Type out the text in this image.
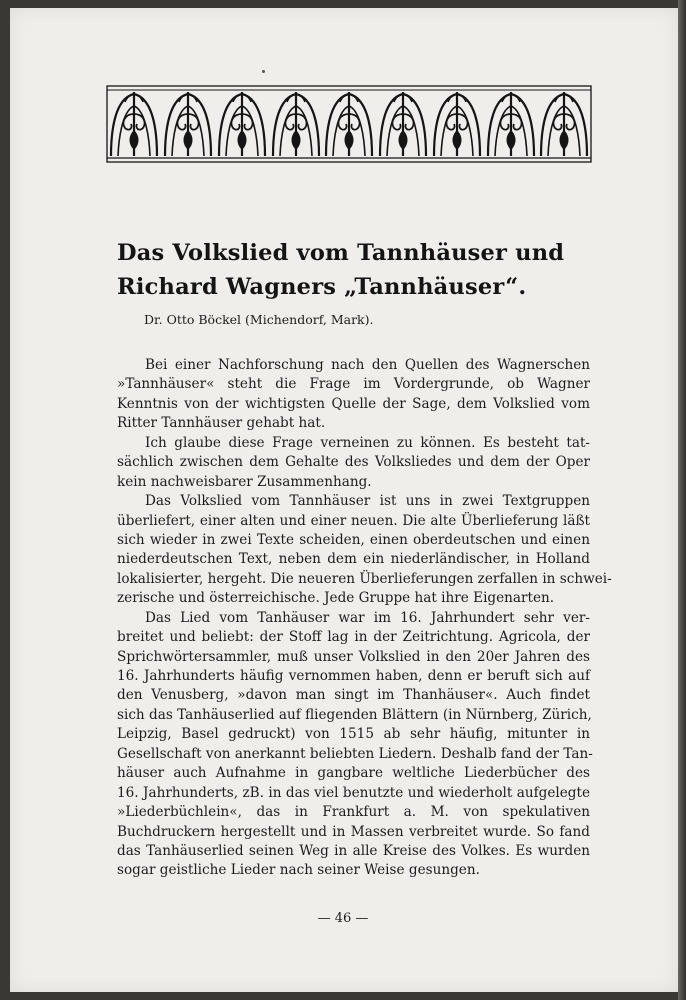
Das Volkslied vom Tannhäuser und
Richard Wagners „Tannhäuser“.
Dr. Otto Böckel (Michendorf, Mark).
Bei einer Nachforschung nach den Quellen des Wagnerschen
»Tannhäuser« steht die Frage im Vordergrunde, ob Wagner
Kenntnis von der wichtigsten Quelle der Sage, dem Volkslied vom
Ritter Tannhäuser gehabt hat.
Ich glaube diese Frage verneinen zu können. Es besteht tat-
sächlich zwischen dem Gehalte des Volksliedes und dem der Oper
kein nachweisbarer Zusammenhang.
Das Volkslied vom Tannhäuser ist uns in zwei Textgruppen
überliefert, einer alten und einer neuen. Die alte Überlieferung läßt
sich wieder in zwei Texte scheiden, einen oberdeutschen und einen
niederdeutschen Text, neben dem ein niederländischer, in Holland
lokalisierter, hergeht. Die neueren Überlieferungen zerfallen in schwei-
zerische und österreichische. Jede Gruppe hat ihre Eigenarten.
Das Lied vom Tanhäuser war im 16. Jahrhundert sehr ver-
breitet und beliebt: der Stoff lag in der Zeitrichtung. Agricola, der
Sprichwörtersammler, muß unser Volkslied in den 20er Jahren des
16. Jahrhunderts häufig vernommen haben, denn er beruft sich auf
den Venusberg, »davon man singt im Thanhäuser«. Auch findet
sich das Tanhäuserlied auf fliegenden Blättern (in Nürnberg, Zürich,
Leipzig, Basel gedruckt) von 1515 ab sehr häufig, mitunter in
Gesellschaft von anerkannt beliebten Liedern. Deshalb fand der Tan-
häuser auch Aufnahme in gangbare weltliche Liederbücher des
16. Jahrhunderts, zB. in das viel benutzte und wiederholt aufgelegte
»Liederbüchlein«, das in Frankfurt a. M. von spekulativen
Buchdruckern hergestellt und in Massen verbreitet wurde. So fand
das Tanhäuserlied seinen Weg in alle Kreise des Volkes. Es wurden
sogar geistliche Lieder nach seiner Weise gesungen.
— 46 —
